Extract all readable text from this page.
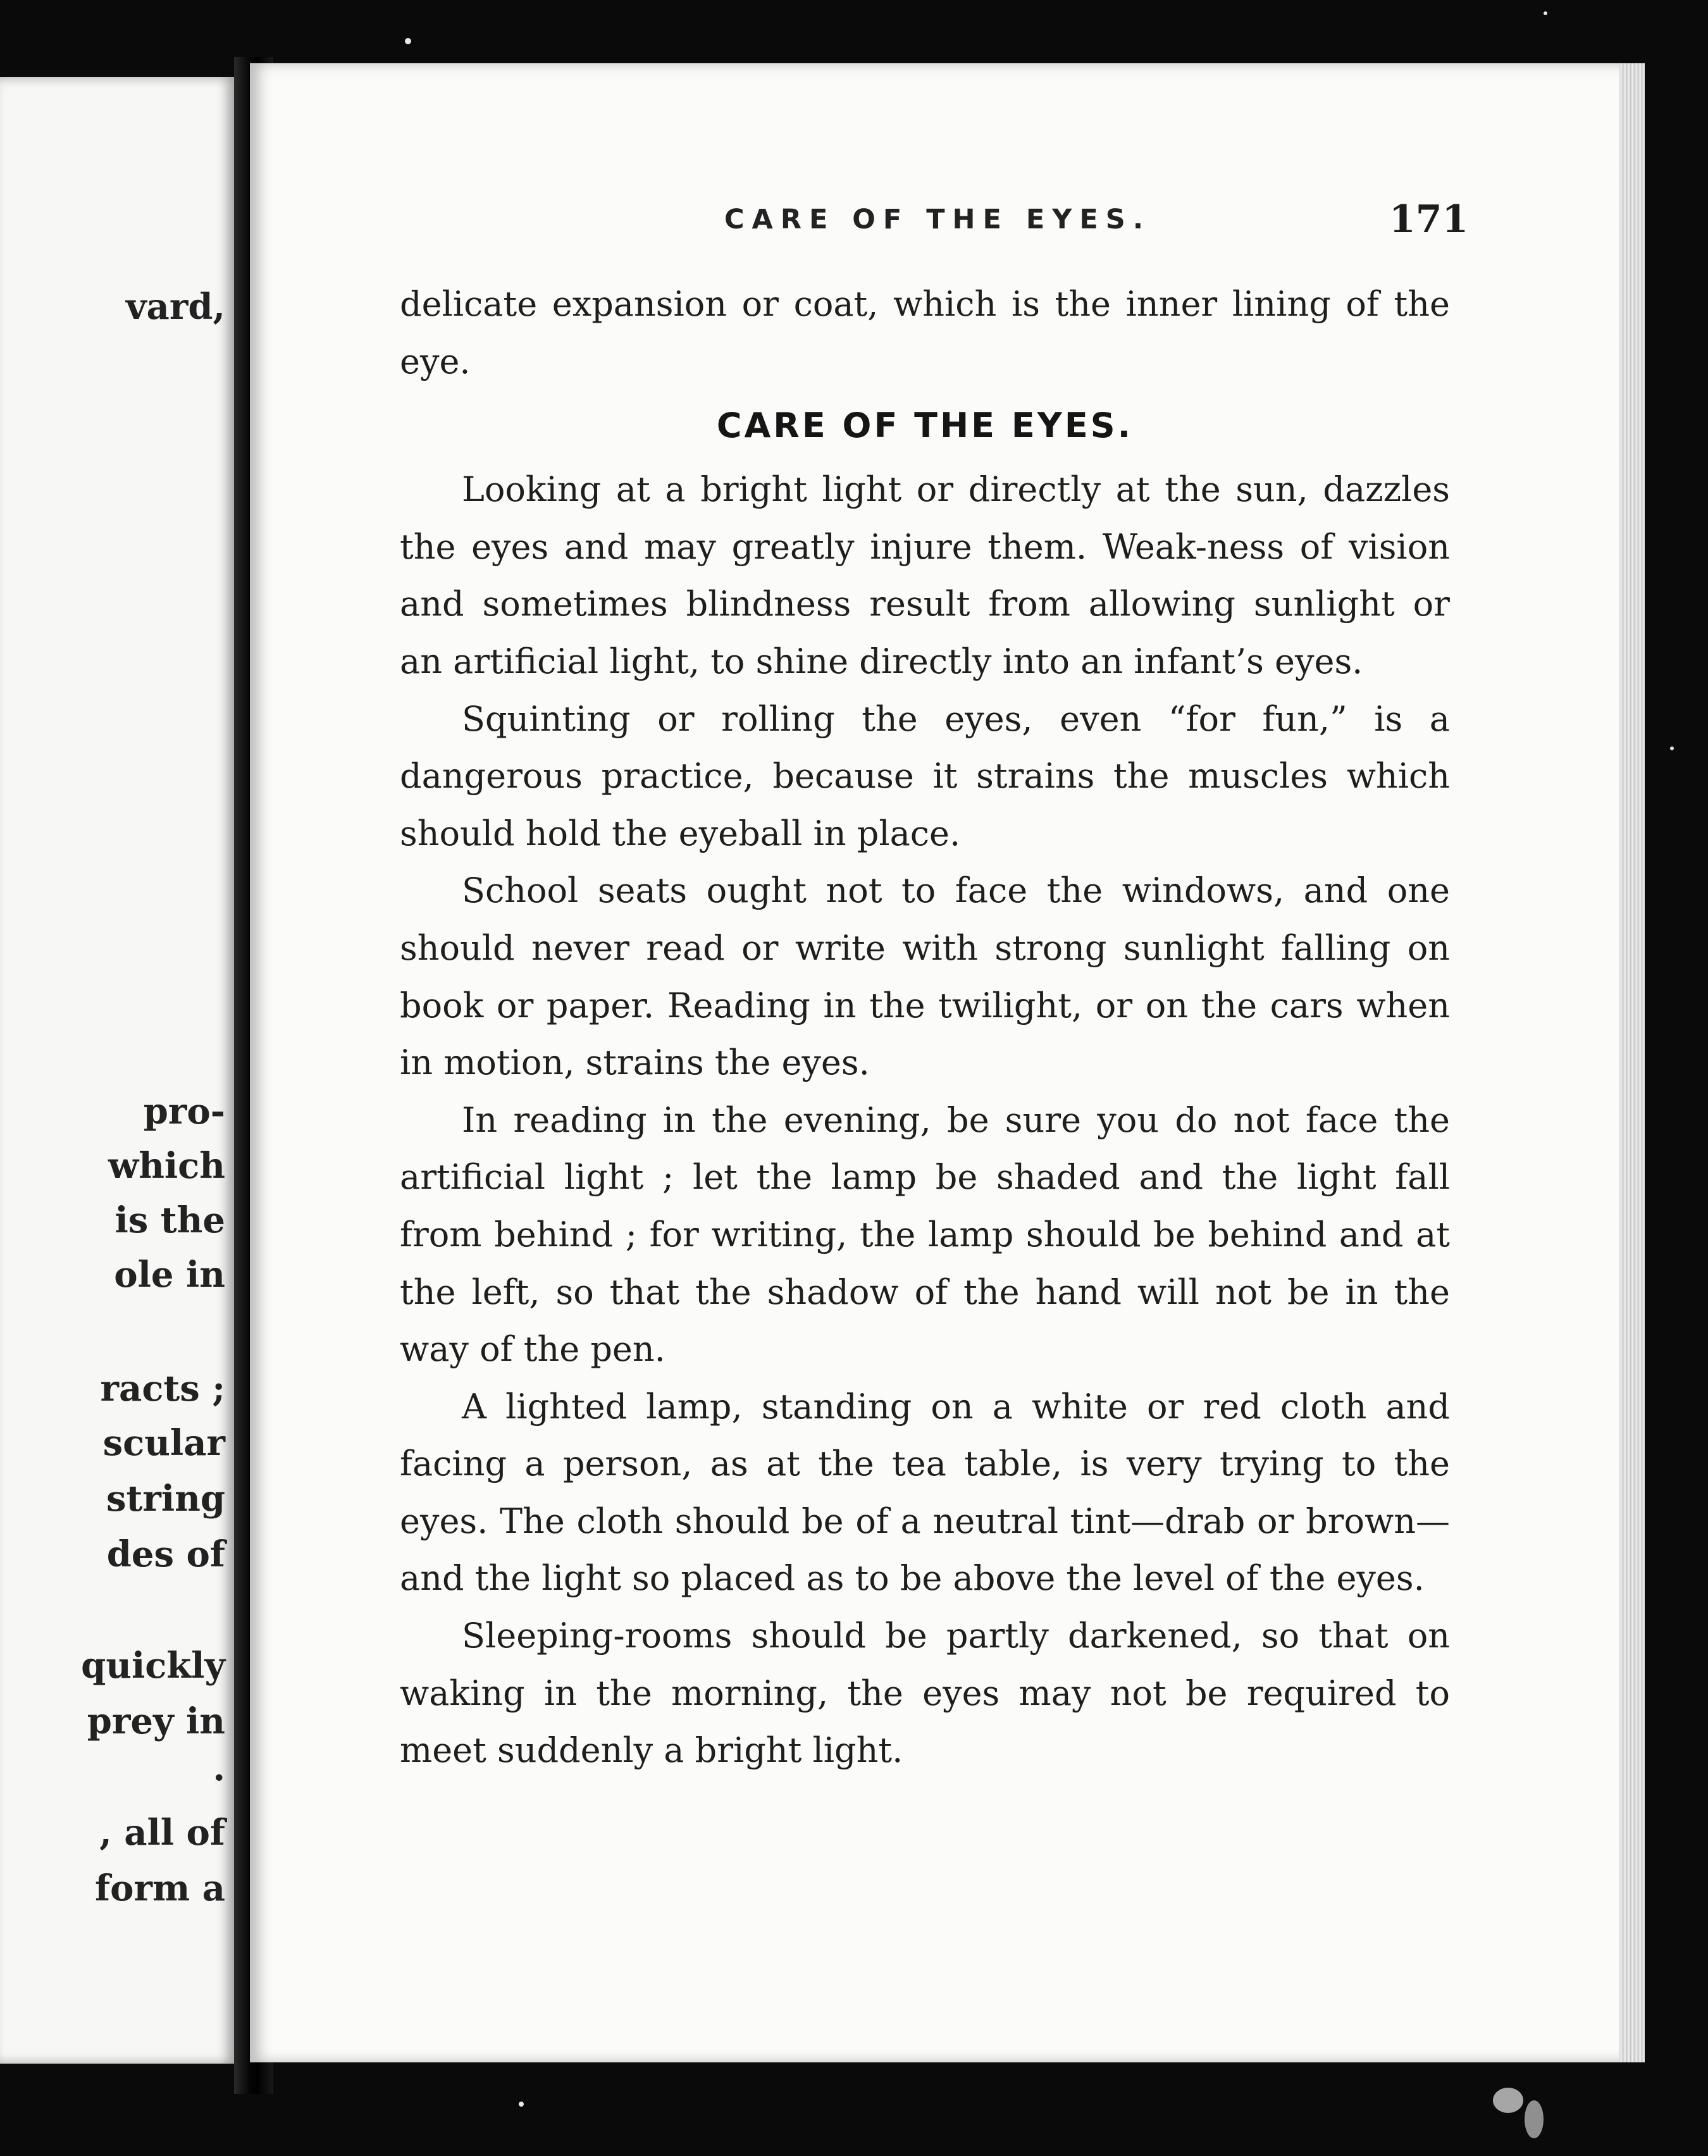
vard,
pro-
which
is the
ole in
racts ;
scular
string
des of
quickly
prey in
.
, all of
form a
CARE OF THE EYES.	171

delicate expansion or coat, which is the inner lining of the eye.

CARE OF THE EYES.

Looking at a bright light or directly at the sun, dazzles the eyes and may greatly injure them. Weak-ness of vision and sometimes blindness result from allowing sunlight or an artificial light, to shine directly into an infant’s eyes.

Squinting or rolling the eyes, even “for fun,” is a dangerous practice, because it strains the muscles which should hold the eyeball in place.

School seats ought not to face the windows, and one should never read or write with strong sunlight falling on book or paper. Reading in the twilight, or on the cars when in motion, strains the eyes.

In reading in the evening, be sure you do not face the artificial light ; let the lamp be shaded and the light fall from behind ; for writing, the lamp should be behind and at the left, so that the shadow of the hand will not be in the way of the pen.

A lighted lamp, standing on a white or red cloth and facing a person, as at the tea table, is very trying to the eyes. The cloth should be of a neutral tint—drab or brown—and the light so placed as to be above the level of the eyes.

Sleeping-rooms should be partly darkened, so that on waking in the morning, the eyes may not be required to meet suddenly a bright light.
